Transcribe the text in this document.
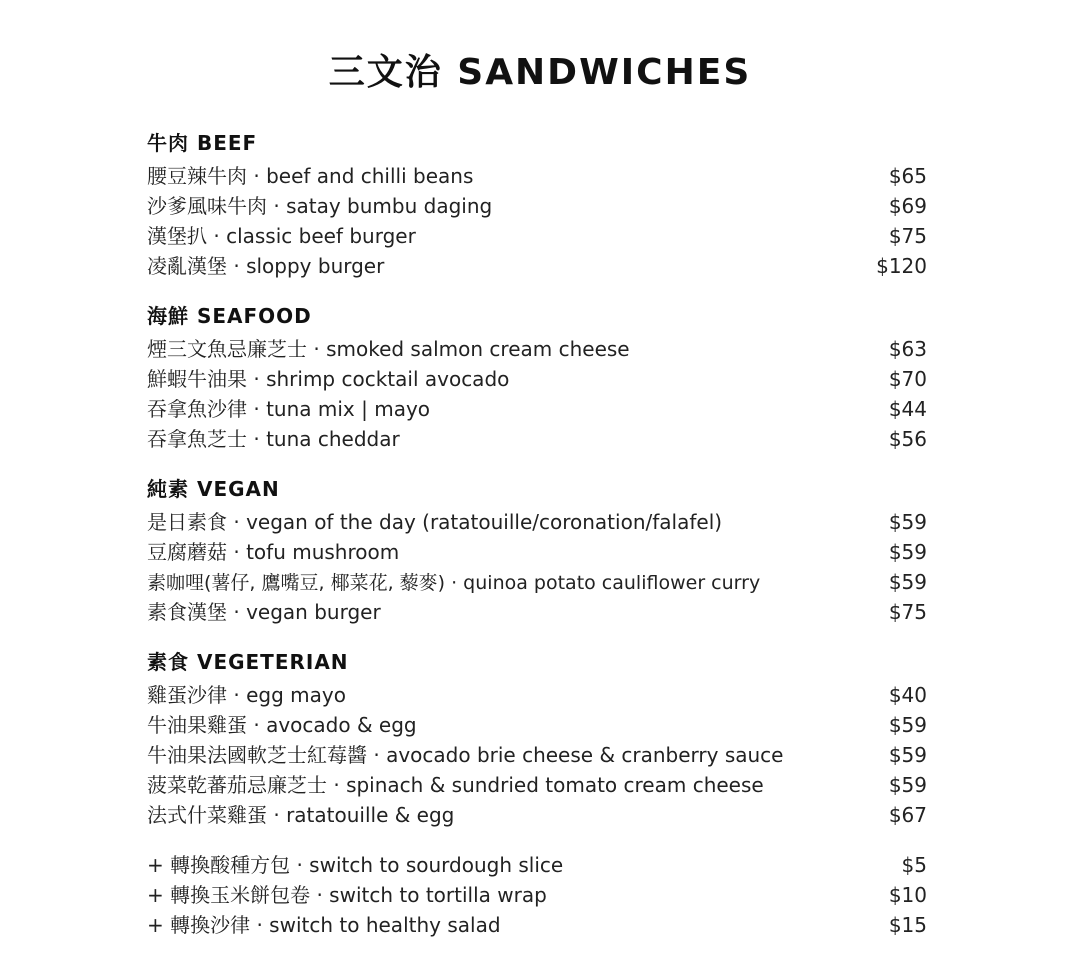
三文治 SANDWICHES
牛肉 BEEF
腰豆辣牛肉 · beef and chilli beans	$65
沙爹風味牛肉 · satay bumbu daging	$69
漢堡扒 · classic beef burger	$75
凌亂漢堡 · sloppy burger	$120
海鮮 SEAFOOD
煙三文魚忌廉芝士 · smoked salmon cream cheese	$63
鮮蝦牛油果 · shrimp cocktail avocado	$70
吞拿魚沙律 · tuna mix | mayo	$44
吞拿魚芝士 · tuna cheddar	$56
純素 VEGAN
是日素食 · vegan of the day (ratatouille/coronation/falafel)	$59
豆腐蘑菇 · tofu mushroom	$59
素咖哩(薯仔, 鷹嘴豆, 椰菜花, 藜麥) · quinoa potato cauliflower curry	$59
素食漢堡 · vegan burger	$75
素食 VEGETERIAN
雞蛋沙律 · egg mayo	$40
牛油果雞蛋 · avocado & egg	$59
牛油果法國軟芝士紅莓醬 · avocado brie cheese & cranberry sauce	$59
菠菜乾蕃茄忌廉芝士 · spinach & sundried tomato cream cheese	$59
法式什菜雞蛋 · ratatouille & egg	$67
+ 轉換酸種方包 · switch to sourdough slice	$5
+ 轉換玉米餅包卷 · switch to tortilla wrap	$10
+ 轉換沙律 · switch to healthy salad	$15
